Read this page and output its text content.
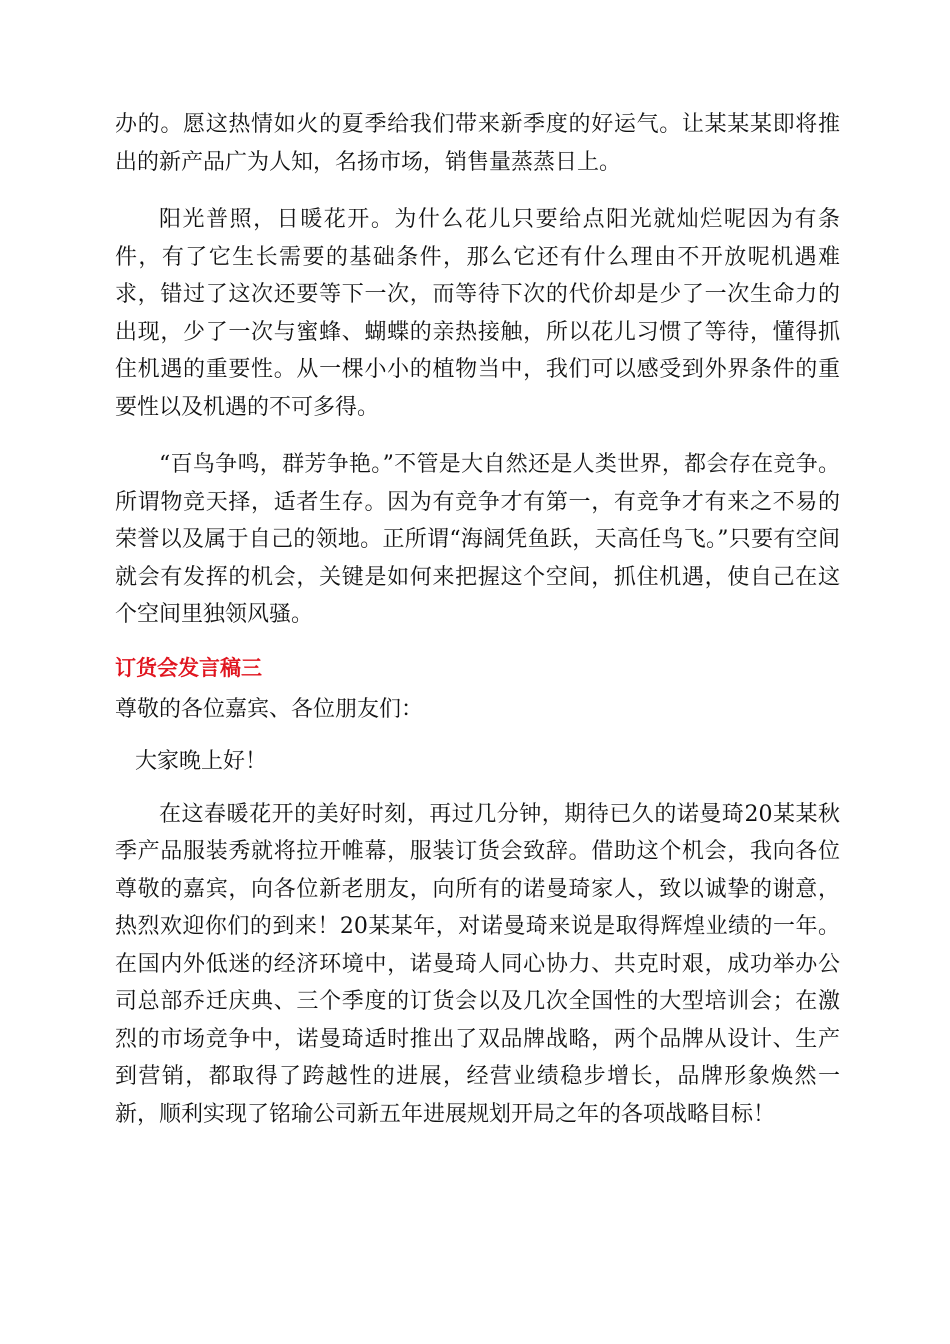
办的。愿这热情如火的夏季给我们带来新季度的好运气。让某某某即将推出的新产品广为人知，名扬市场，销售量蒸蒸日上。

阳光普照，日暖花开。为什么花儿只要给点阳光就灿烂呢因为有条件，有了它生长需要的基础条件，那么它还有什么理由不开放呢机遇难求，错过了这次还要等下一次，而等待下次的代价却是少了一次生命力的出现，少了一次与蜜蜂、蝴蝶的亲热接触，所以花儿习惯了等待，懂得抓住机遇的重要性。从一棵小小的植物当中，我们可以感受到外界条件的重要性以及机遇的不可多得。

“百鸟争鸣，群芳争艳。”不管是大自然还是人类世界，都会存在竞争。所谓物竞天择，适者生存。因为有竞争才有第一，有竞争才有来之不易的荣誉以及属于自己的领地。正所谓“海阔凭鱼跃，天高任鸟飞。”只要有空间就会有发挥的机会，关键是如何来把握这个空间，抓住机遇，使自己在这个空间里独领风骚。

订货会发言稿三

尊敬的各位嘉宾、各位朋友们：

大家晚上好！

在这春暖花开的美好时刻，再过几分钟，期待已久的诺曼琦20某某秋季产品服装秀就将拉开帷幕，服装订货会致辞。借助这个机会，我向各位尊敬的嘉宾，向各位新老朋友，向所有的诺曼琦家人，致以诚挚的谢意，热烈欢迎你们的到来！20某某年，对诺曼琦来说是取得辉煌业绩的一年。在国内外低迷的经济环境中，诺曼琦人同心协力、共克时艰，成功举办公司总部乔迁庆典、三个季度的订货会以及几次全国性的大型培训会；在激烈的市场竞争中，诺曼琦适时推出了双品牌战略，两个品牌从设计、生产到营销，都取得了跨越性的进展，经营业绩稳步增长，品牌形象焕然一新，顺利实现了铭瑜公司新五年进展规划开局之年的各项战略目标！
